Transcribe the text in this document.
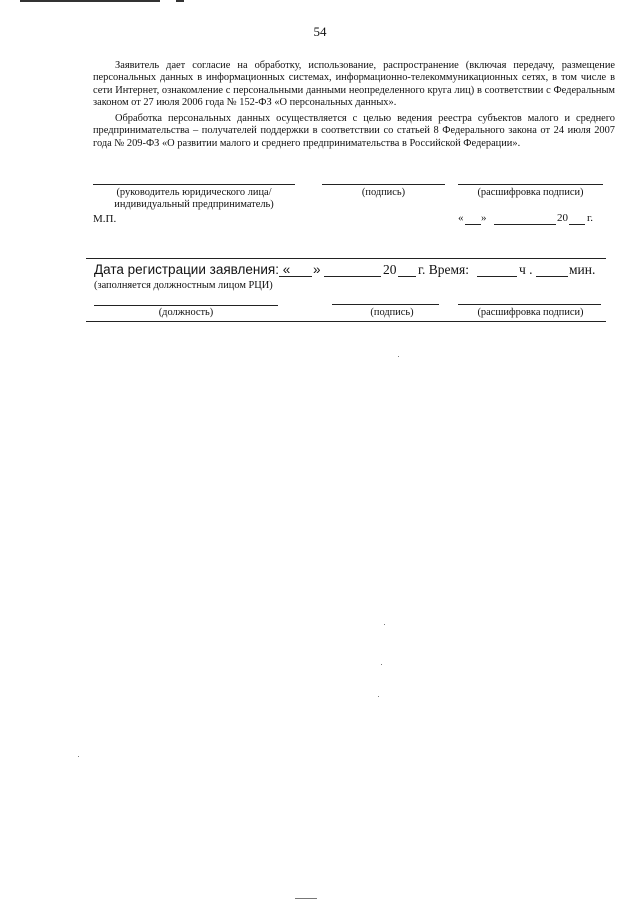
54
Заявитель дает согласие на обработку, использование, распространение (включая передачу, размещение персональных данных в информационных системах, информационно-телекоммуникационных сетях, в том числе в сети Интернет, ознакомление с персональными данными неопределенного круга лиц) в соответствии с Федеральным законом от 27 июля 2006 года № 152-ФЗ «О персональных данных».
Обработка персональных данных осуществляется с целью ведения реестра субъектов малого и среднего предпринимательства – получателей поддержки в соответствии со статьей 8 Федерального закона от 24 июля 2007 года № 209-ФЗ «О развитии малого и среднего предпринимательства в Российской Федерации».
(руководитель юридического лица/
индивидуальный предприниматель)
(подпись)	(расшифровка подписи)
М.П.	« »	20 г.
Дата регистрации заявления: « »	20 г. Время:	ч .	мин.
(заполняется должностным лицом РЦИ)
(должность)	(подпись)	(расшифровка подписи)
